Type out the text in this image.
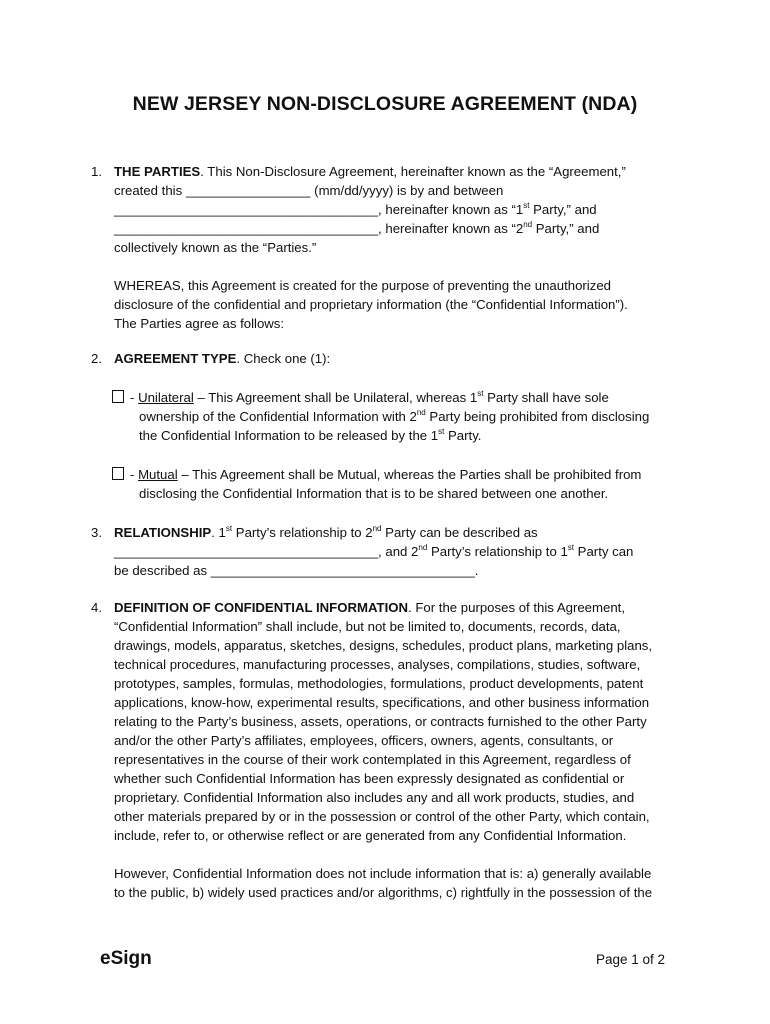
NEW JERSEY NON-DISCLOSURE AGREEMENT (NDA)
1. THE PARTIES. This Non-Disclosure Agreement, hereinafter known as the “Agreement,”
created this _________________ (mm/dd/yyyy) is by and between
____________________________________, hereinafter known as “1st Party,” and
____________________________________, hereinafter known as “2nd Party,” and
collectively known as the “Parties.”
WHEREAS, this Agreement is created for the purpose of preventing the unauthorized
disclosure of the confidential and proprietary information (the “Confidential Information”).
The Parties agree as follows:
2. AGREEMENT TYPE. Check one (1):
- Unilateral – This Agreement shall be Unilateral, whereas 1st Party shall have sole
ownership of the Confidential Information with 2nd Party being prohibited from disclosing
the Confidential Information to be released by the 1st Party.
- Mutual – This Agreement shall be Mutual, whereas the Parties shall be prohibited from
disclosing the Confidential Information that is to be shared between one another.
3. RELATIONSHIP. 1st Party’s relationship to 2nd Party can be described as
____________________________________, and 2nd Party’s relationship to 1st Party can
be described as ____________________________________.
4. DEFINITION OF CONFIDENTIAL INFORMATION. For the purposes of this Agreement,
“Confidential Information” shall include, but not be limited to, documents, records, data,
drawings, models, apparatus, sketches, designs, schedules, product plans, marketing plans,
technical procedures, manufacturing processes, analyses, compilations, studies, software,
prototypes, samples, formulas, methodologies, formulations, product developments, patent
applications, know-how, experimental results, specifications, and other business information
relating to the Party’s business, assets, operations, or contracts furnished to the other Party
and/or the other Party’s affiliates, employees, officers, owners, agents, consultants, or
representatives in the course of their work contemplated in this Agreement, regardless of
whether such Confidential Information has been expressly designated as confidential or
proprietary. Confidential Information also includes any and all work products, studies, and
other materials prepared by or in the possession or control of the other Party, which contain,
include, refer to, or otherwise reflect or are generated from any Confidential Information.
However, Confidential Information does not include information that is: a) generally available
to the public, b) widely used practices and/or algorithms, c) rightfully in the possession of the
eSign	Page 1 of 2
